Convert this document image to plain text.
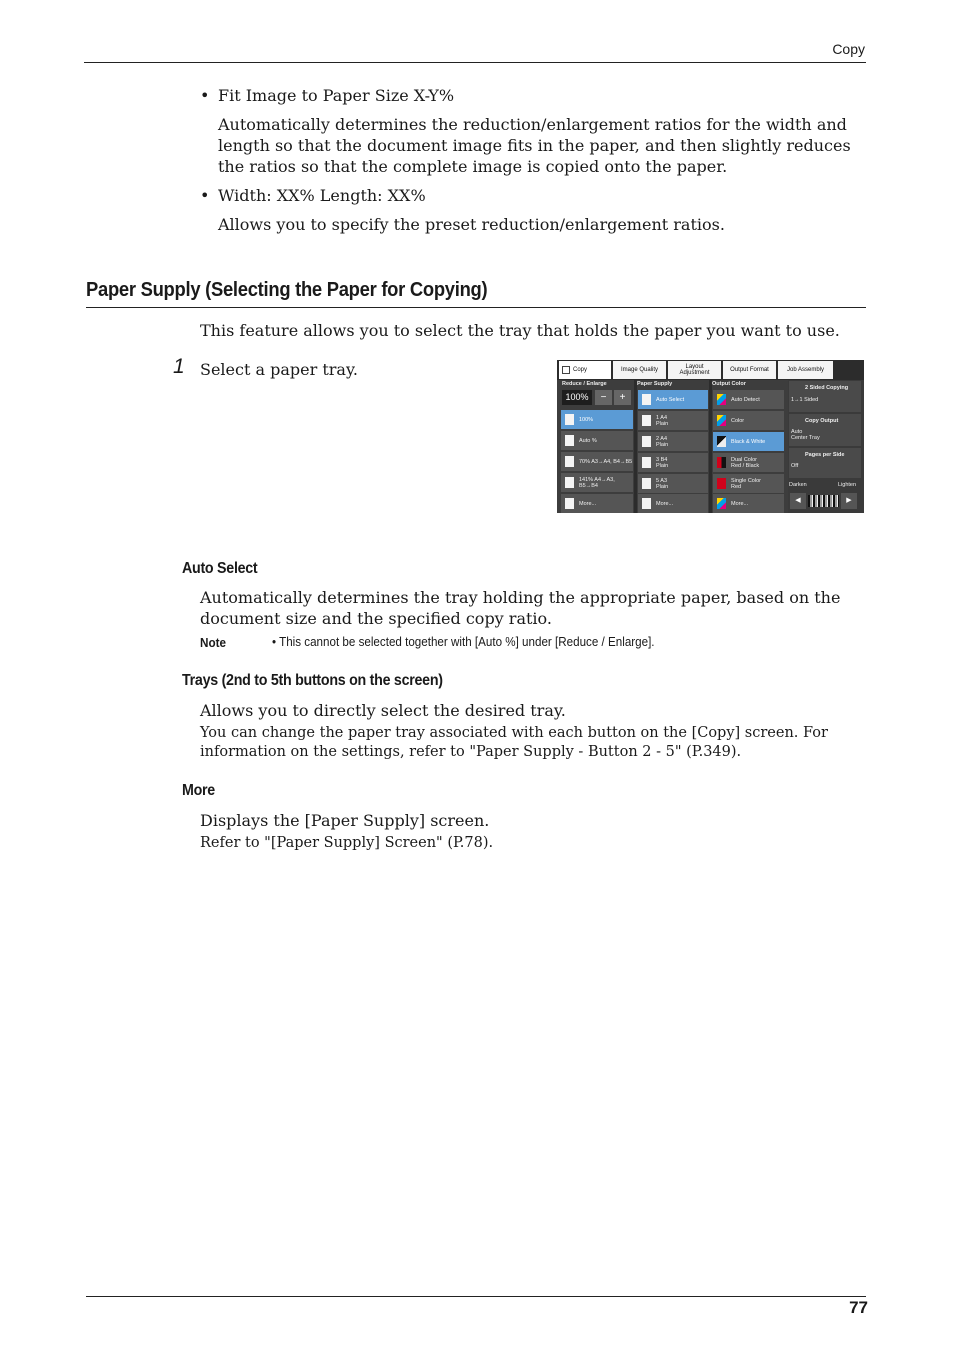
Copy
• Fit Image to Paper Size X-Y%
Automatically determines the reduction/enlargement ratios for the width and length so that the document image fits in the paper, and then slightly reduces the ratios so that the complete image is copied onto the paper.
• Width: XX% Length: XX%
Allows you to specify the preset reduction/enlargement ratios.
Paper Supply (Selecting the Paper for Copying)
This feature allows you to select the tray that holds the paper you want to use.
1 Select a paper tray.	Copy	Image Quality	Layout Adjustment	Output Format	Job Assembly
Reduce / Enlarge	Paper Supply	Output Color
100%	−	+
100%
Auto %
70% A3→A4, B4→B5
141% A4→A3, B5→B4
More...
Auto Select
1 A4
Plain
2 A4
Plain
3 B4
Plain
5 A3
Plain
More...
Auto Detect
Color
Black & White
Dual Color
Red / Black
Single Color
Red
More...
2 Sided Copying
1→1 Sided
Copy Output
Auto
Center Tray
Pages per Side
Off
Darken	Lighten
◀	▶
Auto Select
Automatically determines the tray holding the appropriate paper, based on the document size and the specified copy ratio.
Note	• This cannot be selected together with [Auto %] under [Reduce / Enlarge].
Trays (2nd to 5th buttons on the screen)
Allows you to directly select the desired tray.
You can change the paper tray associated with each button on the [Copy] screen. For information on the settings, refer to "Paper Supply - Button 2 - 5" (P.349).
More
Displays the [Paper Supply] screen.
Refer to "[Paper Supply] Screen" (P.78).
77
